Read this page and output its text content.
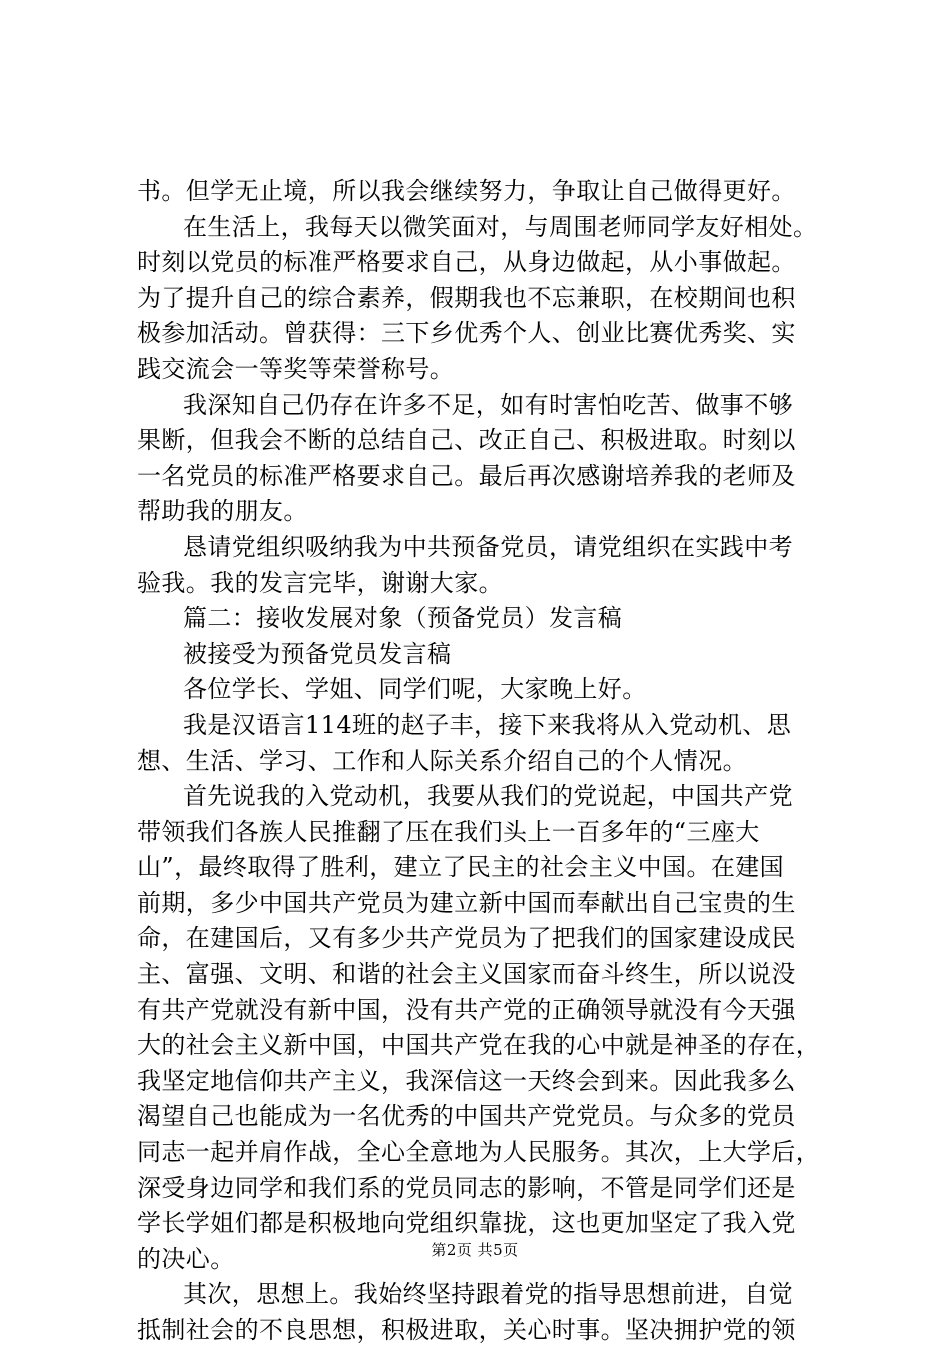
书。但学无止境，所以我会继续努力，争取让自己做得更好。
在生活上，我每天以微笑面对，与周围老师同学友好相处。
时刻以党员的标准严格要求自己，从身边做起，从小事做起。
为了提升自己的综合素养，假期我也不忘兼职，在校期间也积
极参加活动。曾获得：三下乡优秀个人、创业比赛优秀奖、实
践交流会一等奖等荣誉称号。
我深知自己仍存在许多不足，如有时害怕吃苦、做事不够
果断，但我会不断的总结自己、改正自己、积极进取。时刻以
一名党员的标准严格要求自己。最后再次感谢培养我的老师及
帮助我的朋友。
恳请党组织吸纳我为中共预备党员，请党组织在实践中考
验我。我的发言完毕，谢谢大家。
篇二：接收发展对象（预备党员）发言稿
被接受为预备党员发言稿
各位学长、学姐、同学们呢，大家晚上好。
我是汉语言114班的赵子丰，接下来我将从入党动机、思
想、生活、学习、工作和人际关系介绍自己的个人情况。
首先说我的入党动机，我要从我们的党说起，中国共产党
带领我们各族人民推翻了压在我们头上一百多年的“三座大
山”，最终取得了胜利，建立了民主的社会主义中国。在建国
前期，多少中国共产党员为建立新中国而奉献出自己宝贵的生
命，在建国后，又有多少共产党员为了把我们的国家建设成民
主、富强、文明、和谐的社会主义国家而奋斗终生，所以说没
有共产党就没有新中国，没有共产党的正确领导就没有今天强
大的社会主义新中国，中国共产党在我的心中就是神圣的存在，
我坚定地信仰共产主义，我深信这一天终会到来。因此我多么
渴望自己也能成为一名优秀的中国共产党党员。与众多的党员
同志一起并肩作战，全心全意地为人民服务。其次，上大学后，
深受身边同学和我们系的党员同志的影响，不管是同学们还是
学长学姐们都是积极地向党组织靠拢，这也更加坚定了我入党
的决心。
其次，思想上。我始终坚持跟着党的指导思想前进，自觉
抵制社会的不良思想，积极进取，关心时事。坚决拥护党的领
第2页 共5页
